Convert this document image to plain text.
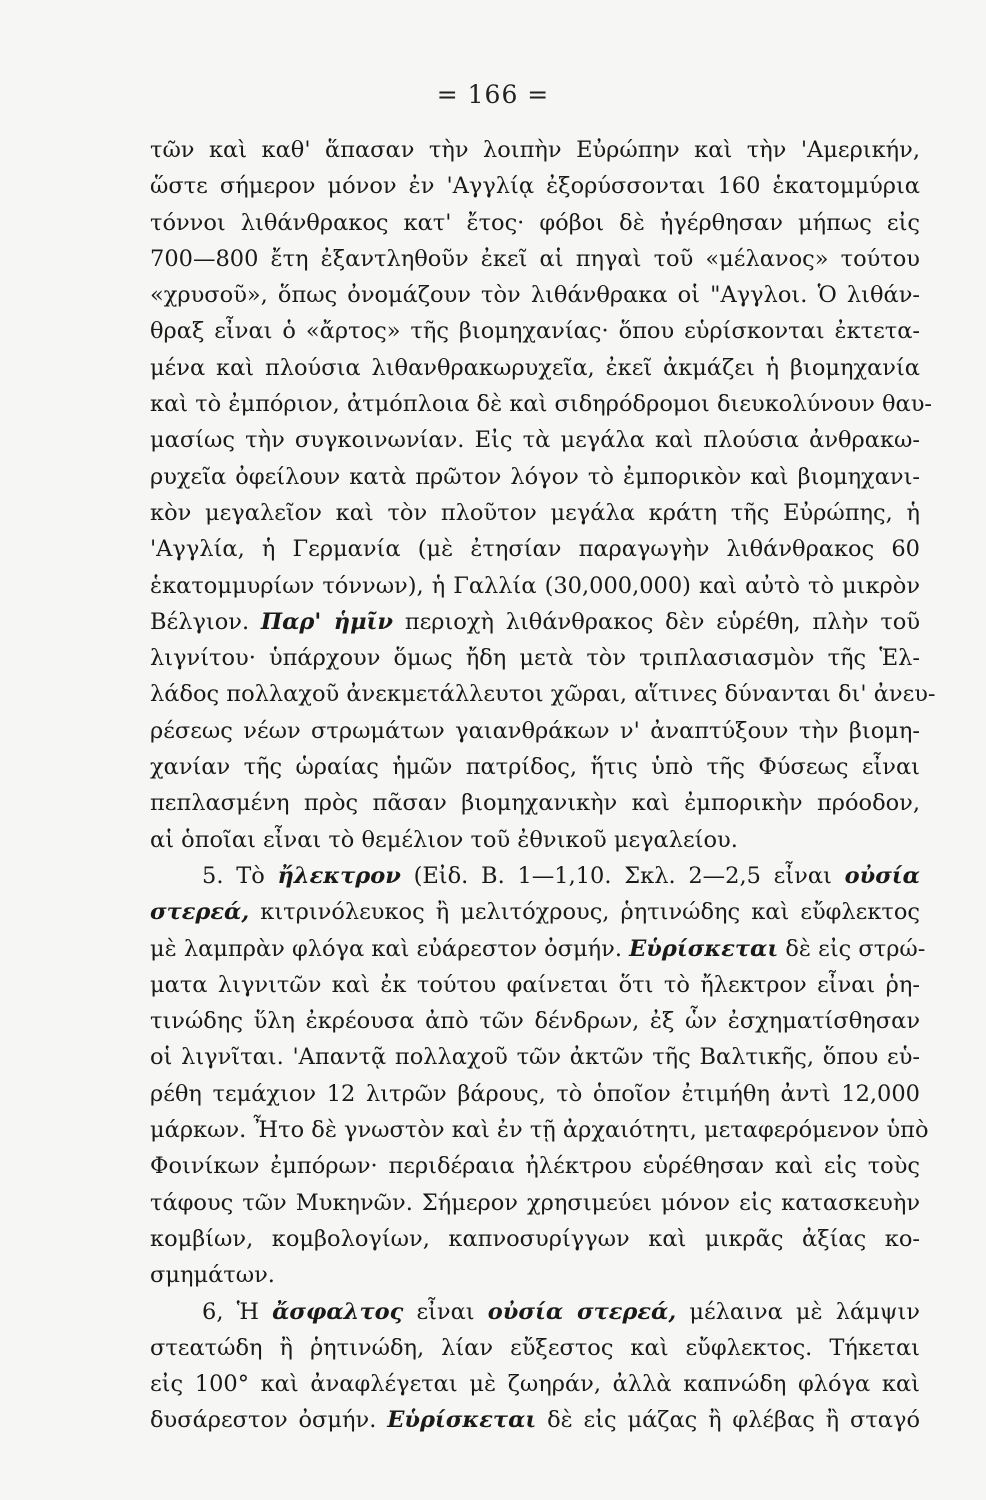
= 166 =
τῶν καὶ καθ' ἅπασαν τὴν λοιπὴν Εὐρώπην καὶ τὴν 'Αμερικήν,
ὥστε σήμερον μόνον ἐν 'Αγγλίᾳ ἐξορύσσονται 160 ἑκατομμύρια
τόννοι λιθάνθρακος κατ' ἔτος· φόβοι δὲ ἠγέρθησαν μήπως εἰς
700—800 ἔτη ἐξαντληθοῦν ἐκεῖ αἱ πηγαὶ τοῦ «μέλανος» τούτου
«χρυσοῦ», ὅπως ὀνομάζουν τὸν λιθάνθρακα οἱ "Αγγλοι. Ὁ λιθάν-
θραξ εἶναι ὁ «ἄρτος» τῆς βιομηχανίας· ὅπου εὑρίσκονται ἐκτετα-
μένα καὶ πλούσια λιθανθρακωρυχεῖα, ἐκεῖ ἀκμάζει ἡ βιομηχανία
καὶ τὸ ἐμπόριον, ἀτμόπλοια δὲ καὶ σιδηρόδρομοι διευκολύνουν θαυ-
μασίως τὴν συγκοινωνίαν. Εἰς τὰ μεγάλα καὶ πλούσια ἀνθρακω-
ρυχεῖα ὀφείλουν κατὰ πρῶτον λόγον τὸ ἐμπορικὸν καὶ βιομηχανι-
κὸν μεγαλεῖον καὶ τὸν πλοῦτον μεγάλα κράτη τῆς Εὐρώπης, ἡ
'Αγγλία, ἡ Γερμανία (μὲ ἐτησίαν παραγωγὴν λιθάνθρακος 60
ἑκατομμυρίων τόννων), ἡ Γαλλία (30,000,000) καὶ αὐτὸ τὸ μικρὸν
Βέλγιον. Παρ' ἡμῖν περιοχὴ λιθάνθρακος δὲν εὑρέθη, πλὴν τοῦ
λιγνίτου· ὑπάρχουν ὅμως ἤδη μετὰ τὸν τριπλασιασμὸν τῆς Ἑλ-
λάδος πολλαχοῦ ἀνεκμετάλλευτοι χῶραι, αἵτινες δύνανται δι' ἀνευ-
ρέσεως νέων στρωμάτων γαιανθράκων ν' ἀναπτύξουν τὴν βιομη-
χανίαν τῆς ὡραίας ἡμῶν πατρίδος, ἥτις ὑπὸ τῆς Φύσεως εἶναι
πεπλασμένη πρὸς πᾶσαν βιομηχανικὴν καὶ ἐμπορικὴν πρόοδον,
αἱ ὁποῖαι εἶναι τὸ θεμέλιον τοῦ ἐθνικοῦ μεγαλείου.
5. Τὸ ἤλεκτρον (Εἰδ. Β. 1—1,10. Σκλ. 2—2,5 εἶναι οὐσία
στερεά, κιτρινόλευκος ἢ μελιτόχρους, ῥητινώδης καὶ εὔφλεκτος
μὲ λαμπρὰν φλόγα καὶ εὐάρεστον ὀσμήν. Εὑρίσκεται δὲ εἰς στρώ-
ματα λιγνιτῶν καὶ ἐκ τούτου φαίνεται ὅτι τὸ ἤλεκτρον εἶναι ῥη-
τινώδης ὕλη ἐκρέουσα ἀπὸ τῶν δένδρων, ἐξ ὧν ἐσχηματίσθησαν
οἱ λιγνῖται. 'Απαντᾷ πολλαχοῦ τῶν ἀκτῶν τῆς Βαλτικῆς, ὅπου εὑ-
ρέθη τεμάχιον 12 λιτρῶν βάρους, τὸ ὁποῖον ἐτιμήθη ἀντὶ 12,000
μάρκων. Ἦτο δὲ γνωστὸν καὶ ἐν τῇ ἀρχαιότητι, μεταφερόμενον ὑπὸ
Φοινίκων ἐμπόρων· περιδέραια ἠλέκτρου εὑρέθησαν καὶ εἰς τοὺς
τάφους τῶν Μυκηνῶν. Σήμερον χρησιμεύει μόνον εἰς κατασκευὴν
κομβίων, κομβολογίων, καπνοσυρίγγων καὶ μικρᾶς ἀξίας κο-
σμημάτων.
6, Ἡ ἄσφαλτος εἶναι οὐσία στερεά, μέλαινα μὲ λάμψιν
στεατώδη ἢ ῥητινώδη, λίαν εὔξεστος καὶ εὔφλεκτος. Τήκεται
εἰς 100° καὶ ἀναφλέγεται μὲ ζωηράν, ἀλλὰ καπνώδη φλόγα καὶ
δυσάρεστον ὀσμήν. Εὑρίσκεται δὲ εἰς μάζας ἢ φλέβας ἢ σταγό
